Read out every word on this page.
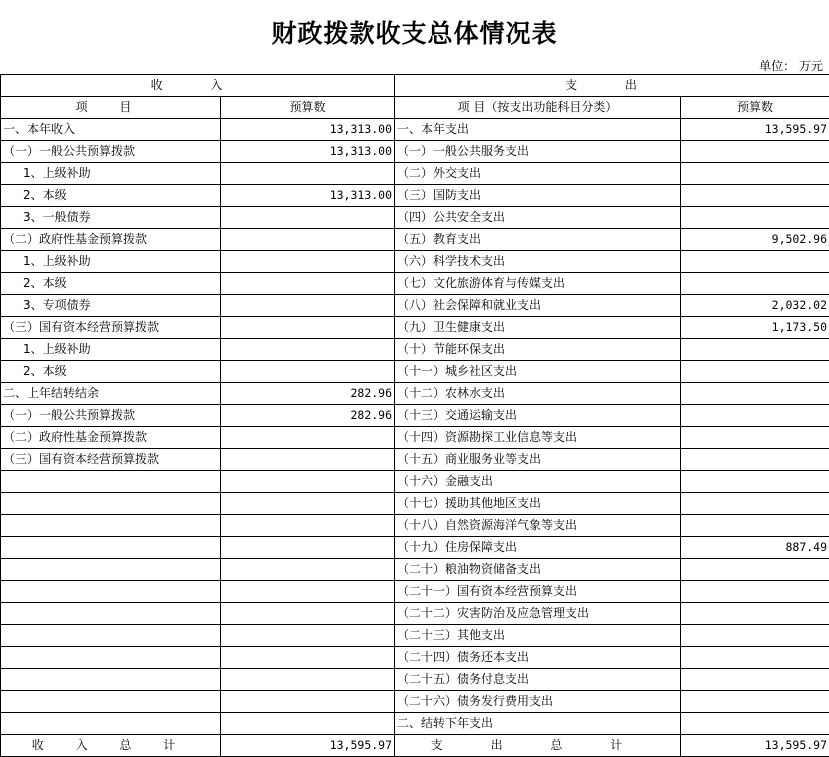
财政拨款收支总体情况表
单位： 万元
收 入		支 出	
项 目	预算数	项 目（按支出功能科目分类）	预算数
一、本年收入	13,313.00	一、本年支出	13,595.97
（一）一般公共预算拨款	13,313.00	（一）一般公共服务支出	
1、上级补助		（二）外交支出	
2、本级	13,313.00	（三）国防支出	
3、一般债券		（四）公共安全支出	
（二）政府性基金预算拨款		（五）教育支出	9,502.96
1、上级补助		（六）科学技术支出	
2、本级		（七）文化旅游体育与传媒支出	
3、专项债券		（八）社会保障和就业支出	2,032.02
（三）国有资本经营预算拨款		（九）卫生健康支出	1,173.50
1、上级补助		（十）节能环保支出	
2、本级		（十一）城乡社区支出	
二、上年结转结余	282.96	（十二）农林水支出	
（一）一般公共预算拨款	282.96	（十三）交通运输支出	
（二）政府性基金预算拨款		（十四）资源勘探工业信息等支出	
（三）国有资本经营预算拨款		（十五）商业服务业等支出	
		（十六）金融支出	
		（十七）援助其他地区支出	
		（十八）自然资源海洋气象等支出	
		（十九）住房保障支出	887.49
		（二十）粮油物资储备支出	
		（二十一）国有资本经营预算支出	
		（二十二）灾害防治及应急管理支出	
		（二十三）其他支出	
		（二十四）债务还本支出	
		（二十五）债务付息支出	
		（二十六）债务发行费用支出	
		二、结转下年支出	
收 入 总 计	13,595.97	支 出 总 计	13,595.97
